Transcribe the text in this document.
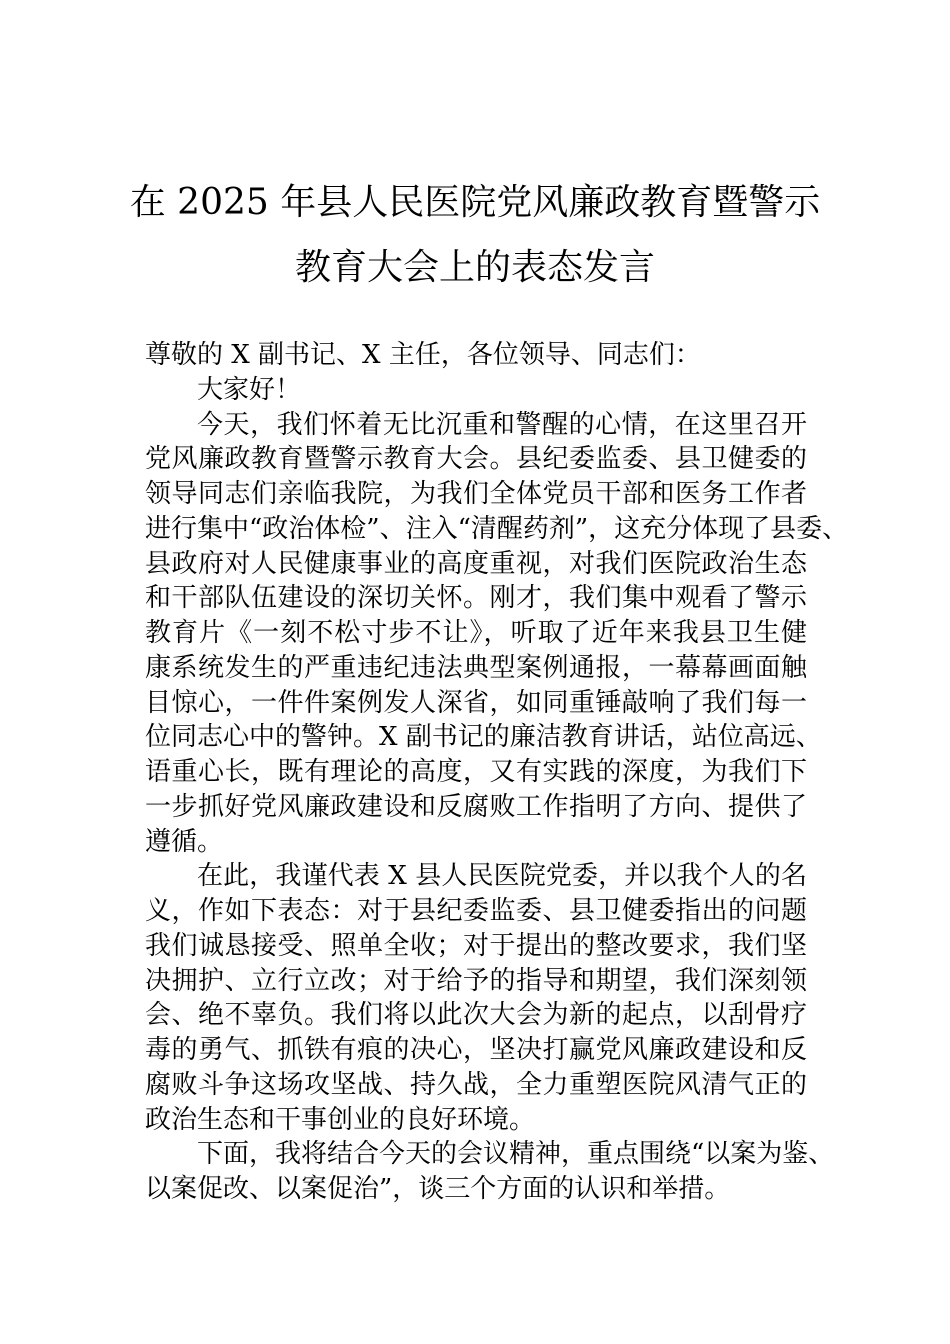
在 2025 年县人民医院党风廉政教育暨警示
教育大会上的表态发言
尊敬的 X 副书记、X 主任，各位领导、同志们：
大家好！
今天，我们怀着无比沉重和警醒的心情，在这里召开
党风廉政教育暨警示教育大会。县纪委监委、县卫健委的
领导同志们亲临我院，为我们全体党员干部和医务工作者
进行集中“政治体检”、注入“清醒药剂”，这充分体现了县委、
县政府对人民健康事业的高度重视，对我们医院政治生态
和干部队伍建设的深切关怀。刚才，我们集中观看了警示
教育片《一刻不松寸步不让》，听取了近年来我县卫生健
康系统发生的严重违纪违法典型案例通报，一幕幕画面触
目惊心，一件件案例发人深省，如同重锤敲响了我们每一
位同志心中的警钟。X 副书记的廉洁教育讲话，站位高远、
语重心长，既有理论的高度，又有实践的深度，为我们下
一步抓好党风廉政建设和反腐败工作指明了方向、提供了
遵循。
在此，我谨代表 X 县人民医院党委，并以我个人的名
义，作如下表态：对于县纪委监委、县卫健委指出的问题
我们诚恳接受、照单全收；对于提出的整改要求，我们坚
决拥护、立行立改；对于给予的指导和期望，我们深刻领
会、绝不辜负。我们将以此次大会为新的起点，以刮骨疗
毒的勇气、抓铁有痕的决心，坚决打赢党风廉政建设和反
腐败斗争这场攻坚战、持久战，全力重塑医院风清气正的
政治生态和干事创业的良好环境。
下面，我将结合今天的会议精神，重点围绕“以案为鉴、
以案促改、以案促治”，谈三个方面的认识和举措。
